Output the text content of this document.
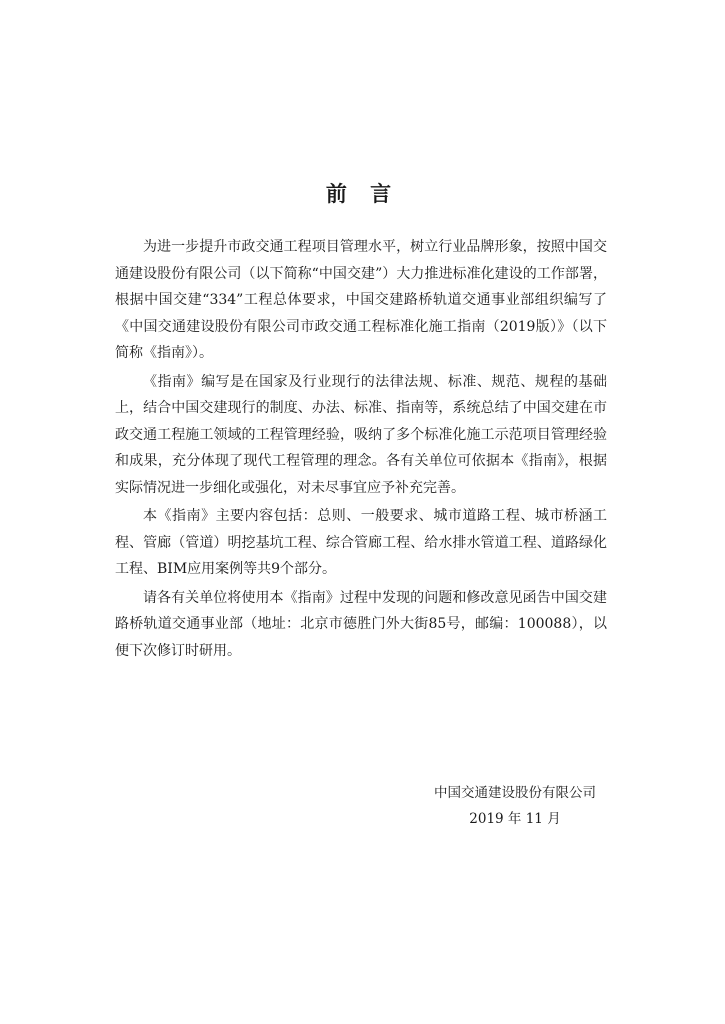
前 言

为进一步提升市政交通工程项目管理水平，树立行业品牌形象，按照中国交通建设股份有限公司（以下简称“中国交建”）大力推进标准化建设的工作部署，根据中国交建“334”工程总体要求，中国交建路桥轨道交通事业部组织编写了《中国交通建设股份有限公司市政交通工程标准化施工指南（2019版）》（以下简称《指南》）。

《指南》编写是在国家及行业现行的法律法规、标准、规范、规程的基础上，结合中国交建现行的制度、办法、标准、指南等，系统总结了中国交建在市政交通工程施工领域的工程管理经验，吸纳了多个标准化施工示范项目管理经验和成果，充分体现了现代工程管理的理念。各有关单位可依据本《指南》，根据实际情况进一步细化或强化，对未尽事宜应予补充完善。

本《指南》主要内容包括：总则、一般要求、城市道路工程、城市桥涵工程、管廊（管道）明挖基坑工程、综合管廊工程、给水排水管道工程、道路绿化工程、BIM应用案例等共9个部分。

请各有关单位将使用本《指南》过程中发现的问题和修改意见函告中国交建路桥轨道交通事业部（地址：北京市德胜门外大街85号，邮编：100088），以便下次修订时研用。

中国交通建设股份有限公司
2019 年 11 月
